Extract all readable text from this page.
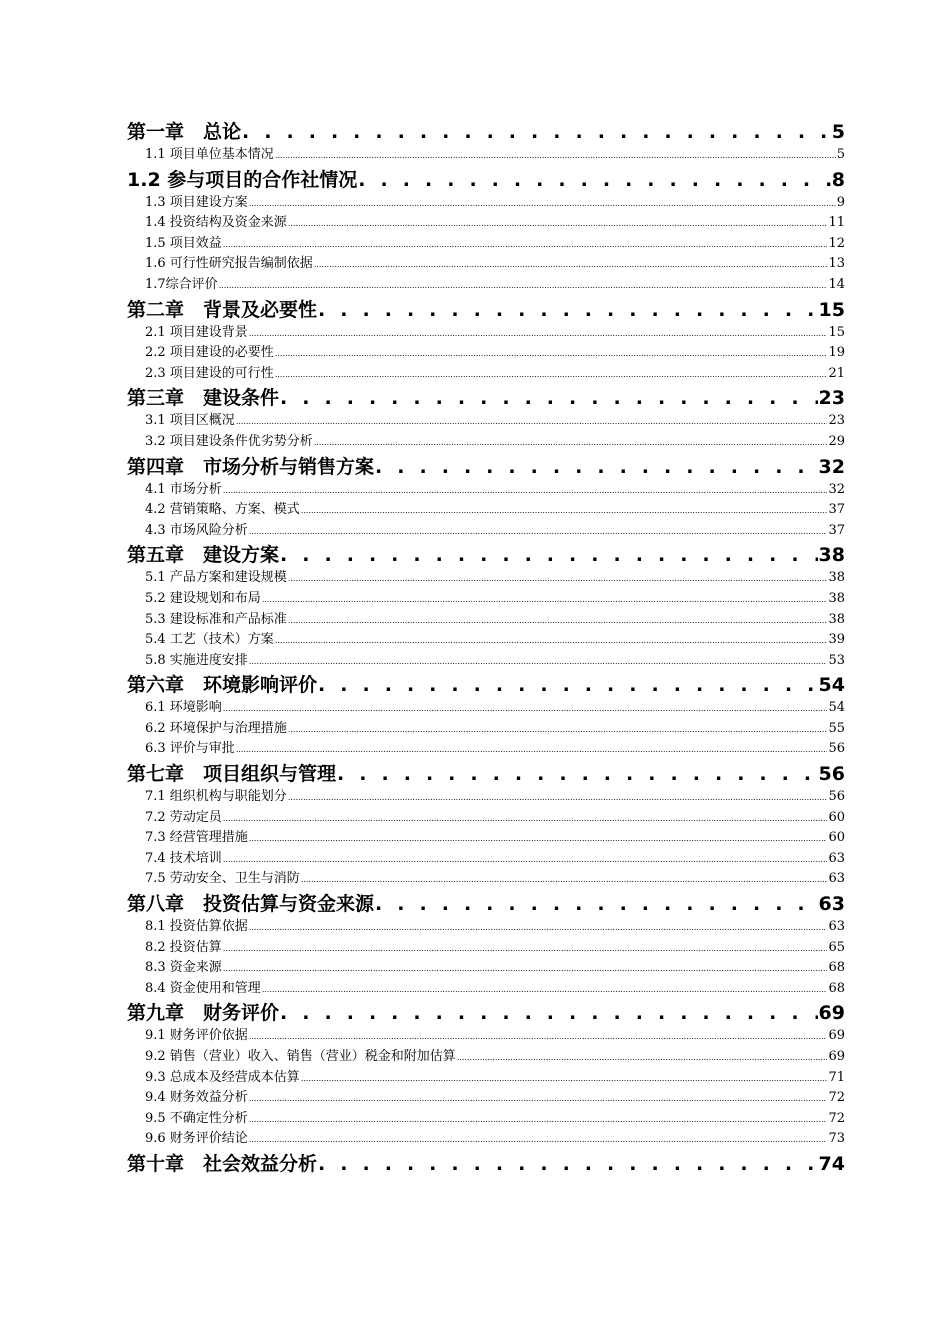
第一章　总论 . . .	5
1.1 项目单位基本情况 .....	5
1.2 参与项目的合作社情况 . . .	8
1.3 项目建设方案 .....	9
1.4 投资结构及资金来源 .....	11
1.5 项目效益 .....	12
1.6 可行性研究报告编制依据 .....	13
1.7综合评价 .....	14
第二章　背景及必要性 . . .	15
2.1 项目建设背景 .....	15
2.2 项目建设的必要性 .....	19
2.3 项目建设的可行性 .....	21
第三章　建设条件 . . .	23
3.1 项目区概况 .....	23
3.2 项目建设条件优劣势分析 .....	29
第四章　市场分析与销售方案 . . .	32
4.1 市场分析 .....	32
4.2 营销策略、方案、模式 .....	37
4.3 市场风险分析 .....	37
第五章　建设方案 . . .	38
5.1 产品方案和建设规模 .....	38
5.2 建设规划和布局 .....	38
5.3 建设标准和产品标准 .....	38
5.4 工艺（技术）方案 .....	39
5.8 实施进度安排 .....	53
第六章　环境影响评价 . . .	54
6.1 环境影响 .....	54
6.2 环境保护与治理措施 .....	55
6.3 评价与审批 .....	56
第七章　项目组织与管理 . . .	56
7.1 组织机构与职能划分 .....	56
7.2 劳动定员 .....	60
7.3 经营管理措施 .....	60
7.4 技术培训 .....	63
7.5 劳动安全、卫生与消防 .....	63
第八章　投资估算与资金来源 . . .	63
8.1 投资估算依据 .....	63
8.2 投资估算 .....	65
8.3 资金来源 .....	68
8.4 资金使用和管理 .....	68
第九章　财务评价 . . .	69
9.1 财务评价依据 .....	69
9.2 销售（营业）收入、销售（营业）税金和附加估算 .....	69
9.3 总成本及经营成本估算 .....	71
9.4 财务效益分析 .....	72
9.5 不确定性分析 .....	72
9.6 财务评价结论 .....	73
第十章　社会效益分析 . . .	74
